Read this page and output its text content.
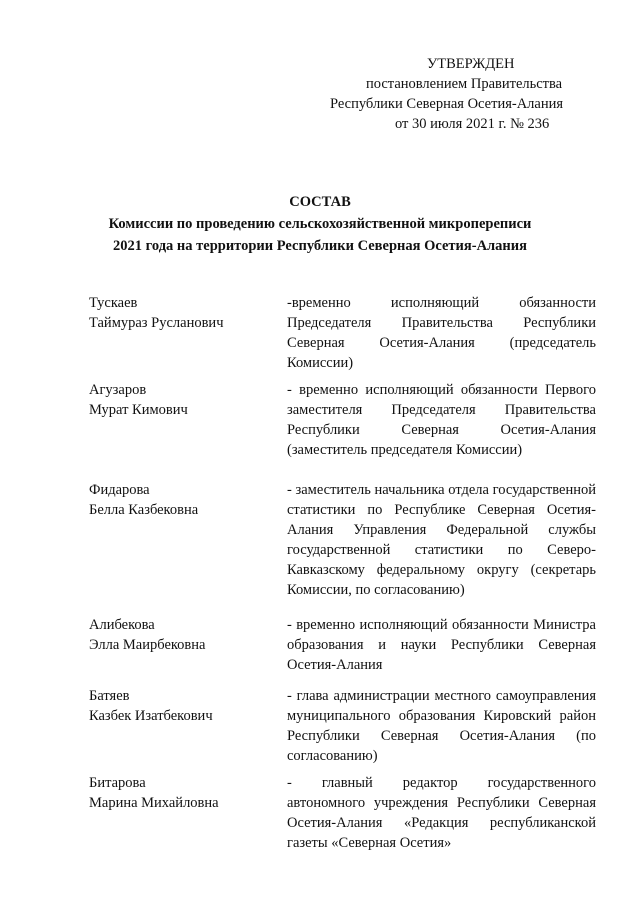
УТВЕРЖДЕН
постановлением Правительства
Республики Северная Осетия-Алания
от 30 июля 2021 г. № 236
СОСТАВ
Комиссии по проведению сельскохозяйственной микропереписи
2021 года на территории Республики Северная Осетия-Алания
Тускаев
Таймураз Русланович
-временно исполняющий обязанности Председателя Правительства Республики Северная Осетия-Алания (председатель Комиссии)
Агузаров
Мурат Кимович
- временно исполняющий обязанности Первого заместителя Председателя Правительства Республики Северная Осетия-Алания (заместитель председателя Комиссии)
Фидарова
Белла Казбековна
- заместитель начальника отдела государственной статистики по Республике Северная Осетия-Алания Управления Федеральной службы государственной статистики по Северо-Кавказскому федеральному округу (секретарь Комиссии, по согласованию)
Алибекова
Элла Маирбековна
- временно исполняющий обязанности Министра образования и науки Республики Северная Осетия-Алания
Батяев
Казбек Изатбекович
- глава администрации местного самоуправления муниципального образования Кировский район Республики Северная Осетия-Алания (по согласованию)
Битарова
Марина Михайловна
- главный редактор государственного автономного учреждения Республики Северная Осетия-Алания «Редакция республиканской газеты «Северная Осетия»
